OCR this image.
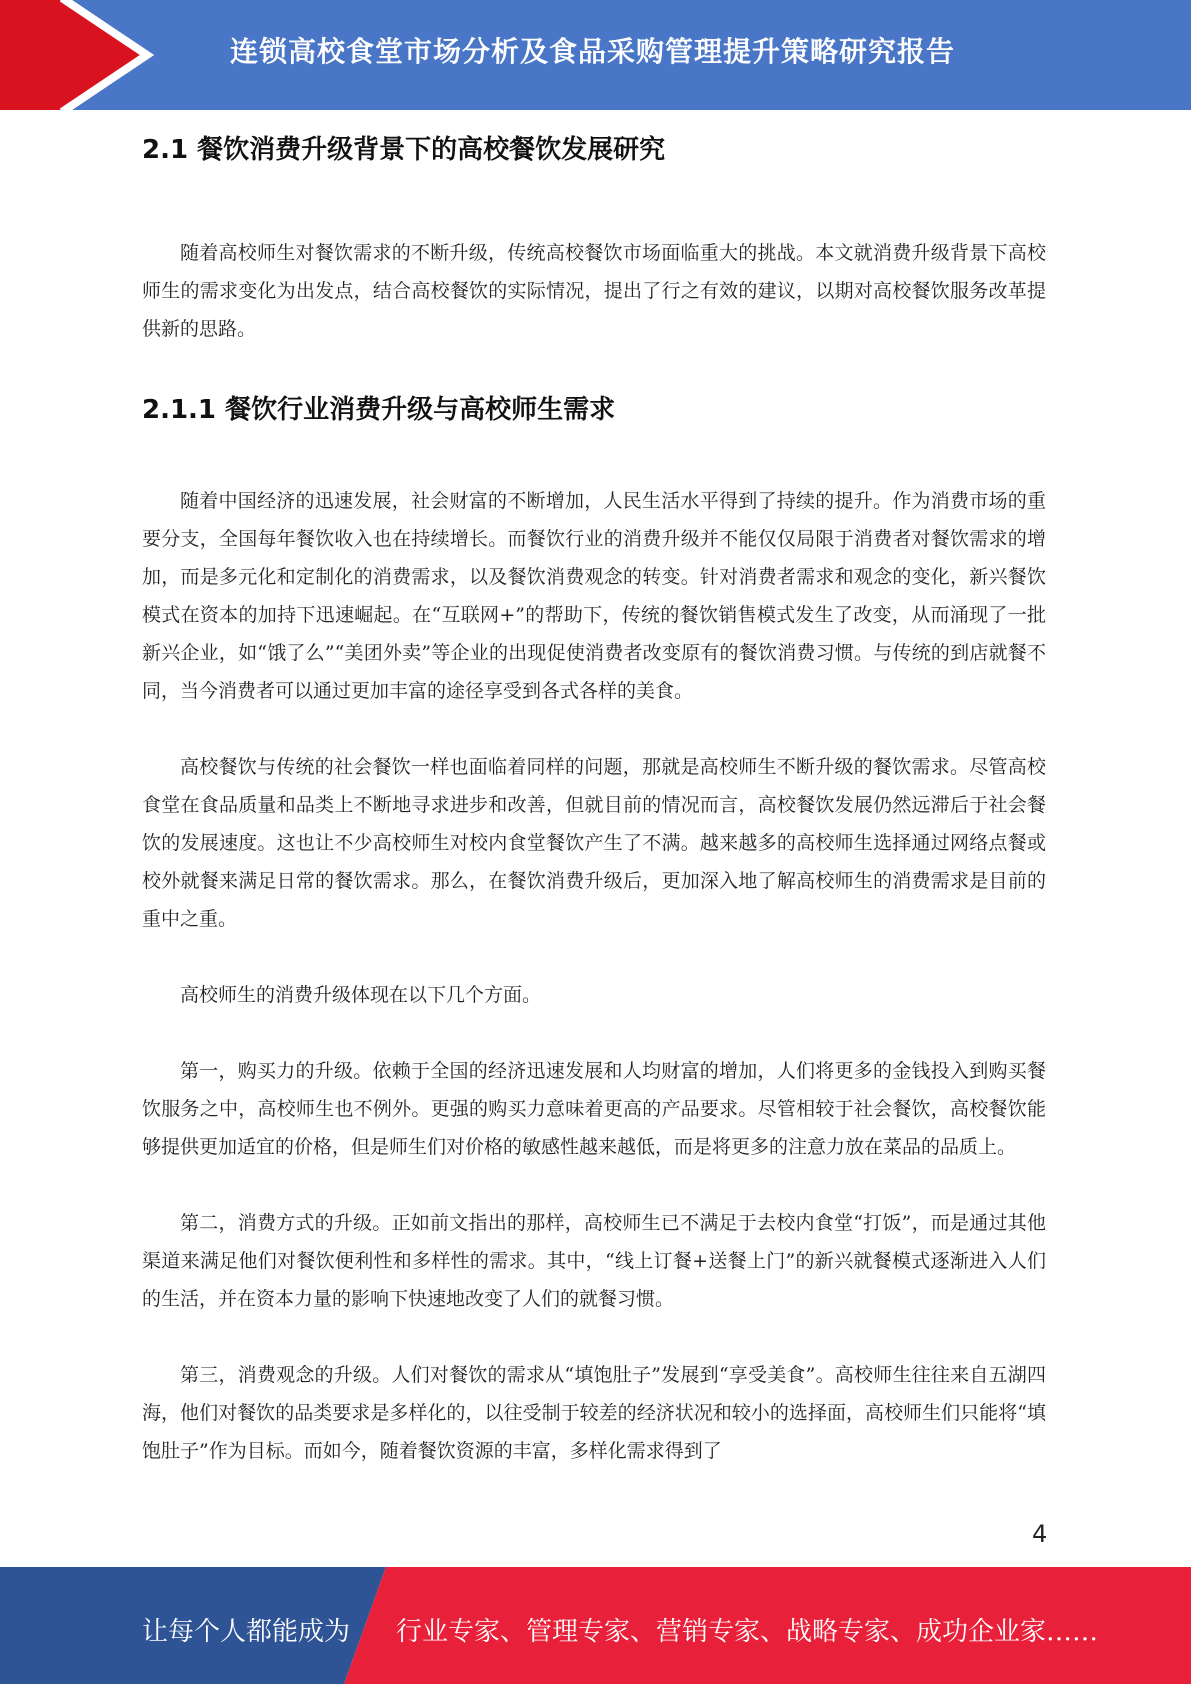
连锁高校食堂市场分析及食品采购管理提升策略研究报告
2.1 餐饮消费升级背景下的高校餐饮发展研究

随着高校师生对餐饮需求的不断升级，传统高校餐饮市场面临重大的挑战。本文就消费升级背景下高校师生的需求变化为出发点，结合高校餐饮的实际情况，提出了行之有效的建议，以期对高校餐饮服务改革提供新的思路。

2.1.1 餐饮行业消费升级与高校师生需求

随着中国经济的迅速发展，社会财富的不断增加，人民生活水平得到了持续的提升。作为消费市场的重要分支，全国每年餐饮收入也在持续增长。而餐饮行业的消费升级并不能仅仅局限于消费者对餐饮需求的增加，而是多元化和定制化的消费需求，以及餐饮消费观念的转变。针对消费者需求和观念的变化，新兴餐饮模式在资本的加持下迅速崛起。在“互联网+”的帮助下，传统的餐饮销售模式发生了改变，从而涌现了一批新兴企业，如“饿了么”“美团外卖”等企业的出现促使消费者改变原有的餐饮消费习惯。与传统的到店就餐不同，当今消费者可以通过更加丰富的途径享受到各式各样的美食。

高校餐饮与传统的社会餐饮一样也面临着同样的问题，那就是高校师生不断升级的餐饮需求。尽管高校食堂在食品质量和品类上不断地寻求进步和改善，但就目前的情况而言，高校餐饮发展仍然远滞后于社会餐饮的发展速度。这也让不少高校师生对校内食堂餐饮产生了不满。越来越多的高校师生选择通过网络点餐或校外就餐来满足日常的餐饮需求。那么，在餐饮消费升级后，更加深入地了解高校师生的消费需求是目前的重中之重。

高校师生的消费升级体现在以下几个方面。

第一，购买力的升级。依赖于全国的经济迅速发展和人均财富的增加，人们将更多的金钱投入到购买餐饮服务之中，高校师生也不例外。更强的购买力意味着更高的产品要求。尽管相较于社会餐饮，高校餐饮能够提供更加适宜的价格，但是师生们对价格的敏感性越来越低，而是将更多的注意力放在菜品的品质上。

第二，消费方式的升级。正如前文指出的那样，高校师生已不满足于去校内食堂“打饭”，而是通过其他渠道来满足他们对餐饮便利性和多样性的需求。其中，“线上订餐+送餐上门”的新兴就餐模式逐渐进入人们的生活，并在资本力量的影响下快速地改变了人们的就餐习惯。

第三，消费观念的升级。人们对餐饮的需求从“填饱肚子”发展到“享受美食”。高校师生往往来自五湖四海，他们对餐饮的品类要求是多样化的，以往受制于较差的经济状况和较小的选择面，高校师生们只能将“填饱肚子”作为目标。而如今，随着餐饮资源的丰富，多样化需求得到了

4
让每个人都能成为 行业专家、管理专家、营销专家、战略专家、成功企业家……
